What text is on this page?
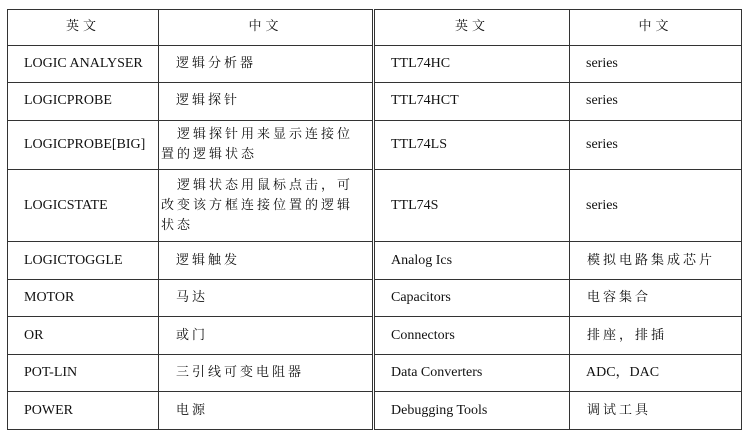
英文	中文	英文	中文
LOGIC ANALYSER	逻辑分析器	TTL74HC	series
LOGICPROBE	逻辑探针	TTL74HCT	series
LOGICPROBE[BIG]	逻辑探针用来显示连接位置的逻辑状态	TTL74LS	series
LOGICSTATE	逻辑状态用鼠标点击，可改变该方框连接位置的逻辑状态	TTL74S	series
LOGICTOGGLE	逻辑触发	Analog Ics	模拟电路集成芯片
MOTOR	马达	Capacitors	电容集合
OR	或门	Connectors	排座，排插
POT-LIN	三引线可变电阻器	Data Converters	ADC，DAC
POWER	电源	Debugging Tools	调试工具
